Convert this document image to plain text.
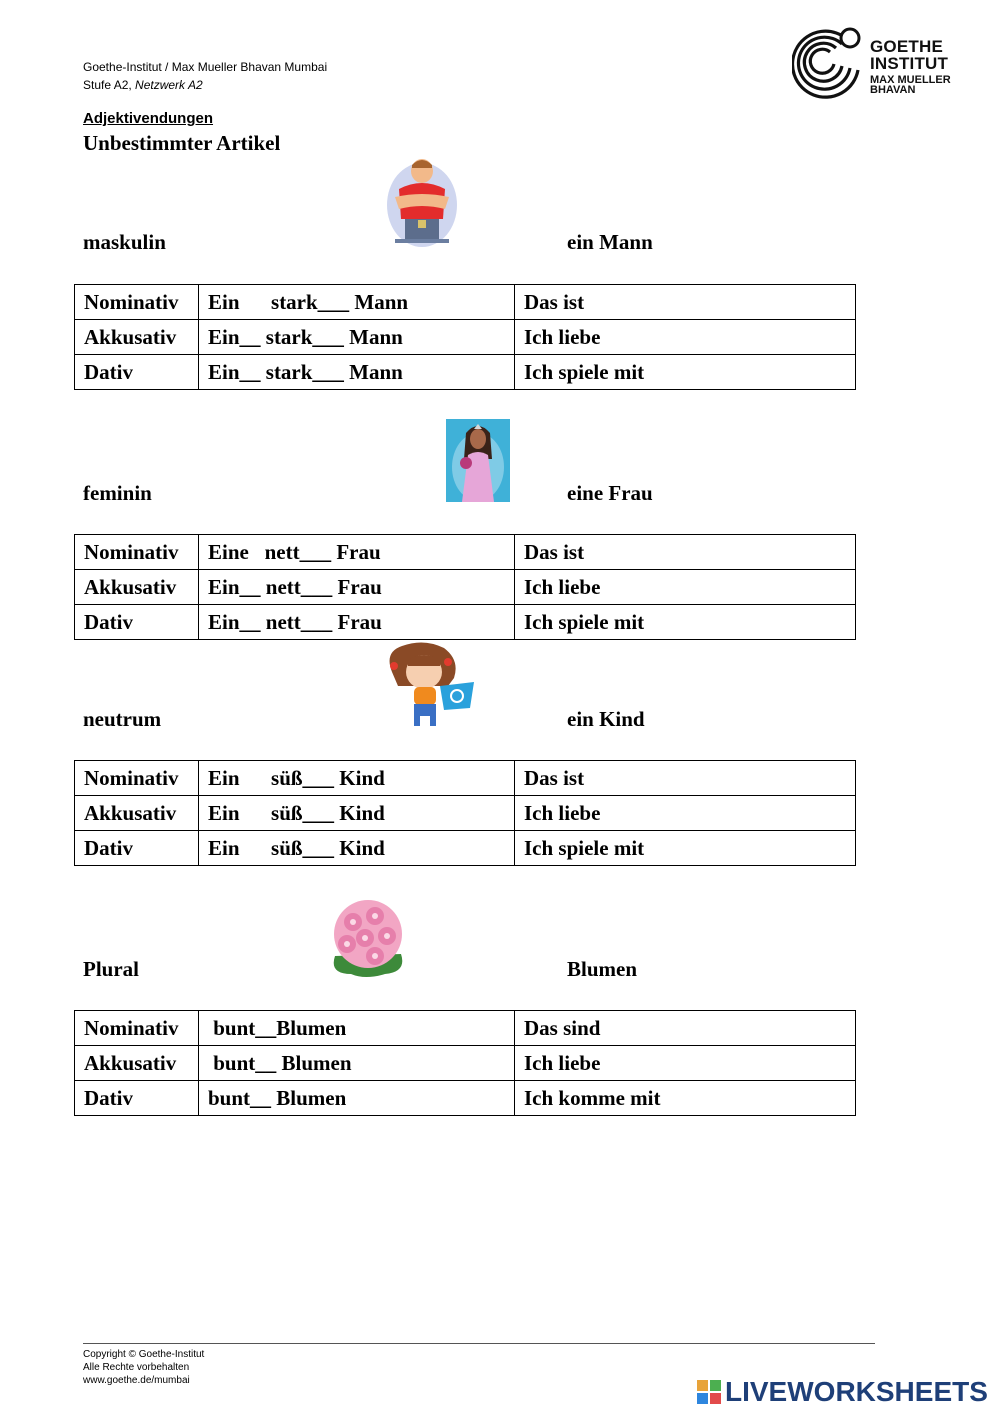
Goethe-Institut / Max Mueller Bhavan Mumbai
Stufe A2, Netzwerk A2
GOETHE
INSTITUT
MAX MUELLER
BHAVAN
Adjektivendungen
Unbestimmter Artikel
maskulin	ein Mann
Nominativ	Ein      stark___ Mann	Das ist
Akkusativ	Ein__ stark___ Mann	Ich liebe
Dativ	Ein__ stark___ Mann	Ich spiele mit
feminin	eine Frau
Nominativ	Eine   nett___ Frau	Das ist
Akkusativ	Ein__ nett___ Frau	Ich liebe
Dativ	Ein__ nett___ Frau	Ich spiele mit
neutrum	ein Kind
Nominativ	Ein      süß___ Kind	Das ist
Akkusativ	Ein      süß___ Kind	Ich liebe
Dativ	Ein      süß___ Kind	Ich spiele mit
Plural	Blumen
Nominativ	bunt__Blumen	Das sind
Akkusativ	bunt__ Blumen	Ich liebe
Dativ	bunt__ Blumen	Ich komme mit
Copyright © Goethe-Institut
Alle Rechte vorbehalten
www.goethe.de/mumbai	LIVEWORKSHEETS
